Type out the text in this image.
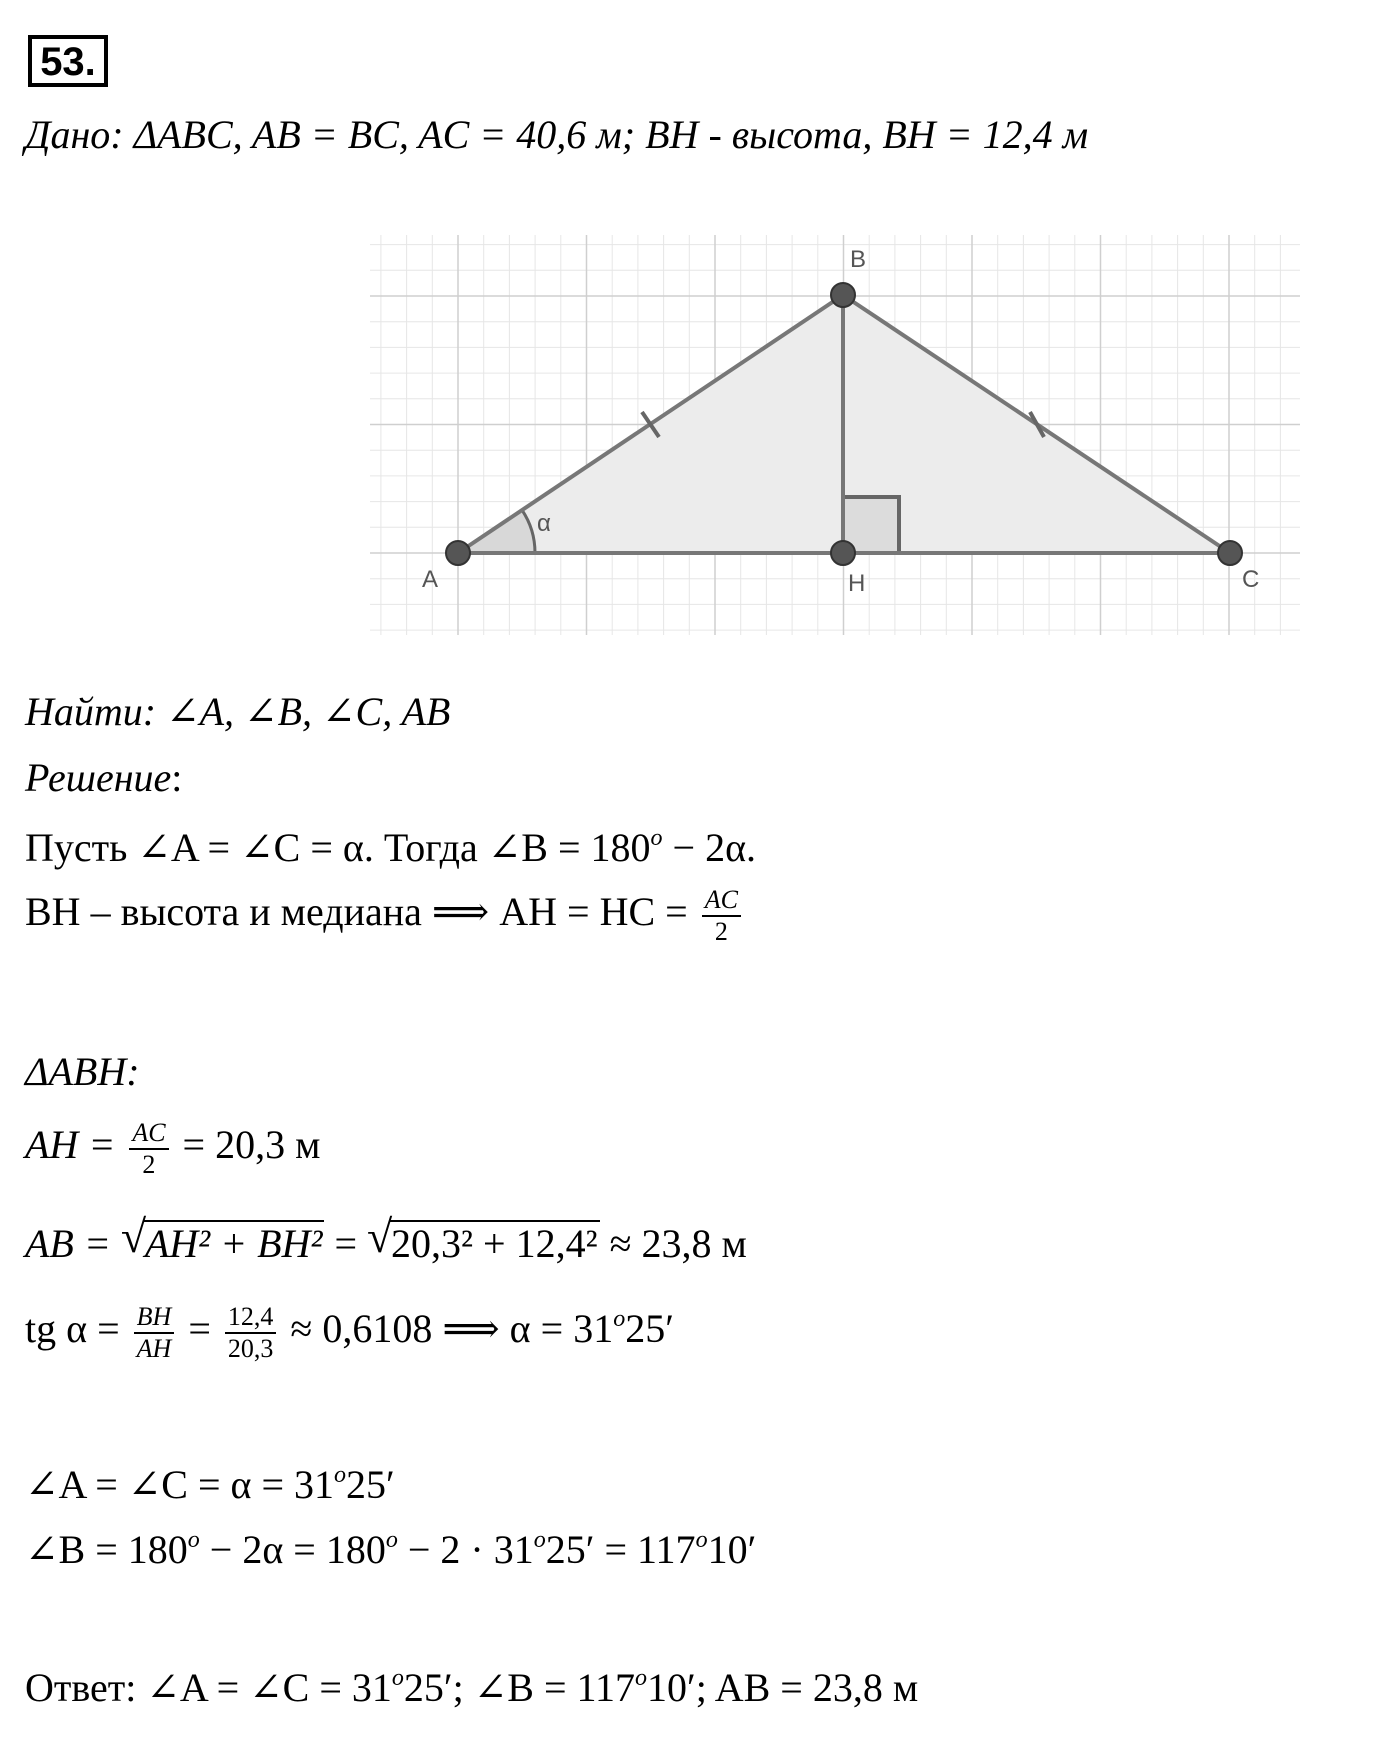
53.
Дано: ΔABC, AB = BC, AC = 40,6 м; BH - высота, BH = 12,4 м
A
B
C
H
α
Найти: ∠A, ∠B, ∠C, AB
Решение:
Пусть ∠A = ∠C = α. Тогда ∠B = $180^o - 2\alpha$.
BH – высота и медиана ⟹ AH = HC = $\frac{AC}{2}$
ΔABH:
AH = $\frac{AC}{2} = 20,3$ м
AB = √
AH² + BH² = √
20,3² + 12,4² ≈ 23,8 м
tg $\alpha = \frac{BH}{AH} = \frac{12,4}{20,3} \approx 0,6108$ ⟹ $\alpha = 31^o25'$
∠A = ∠C = $\alpha = 31^o25'$
∠B = $180^o - 2\alpha = 180^o - 2 \cdot 31^o25' = 117^o10'$
Ответ: ∠A = ∠C = $31^o25'$; ∠B = $117^o10'$; AB = 23,8 м
